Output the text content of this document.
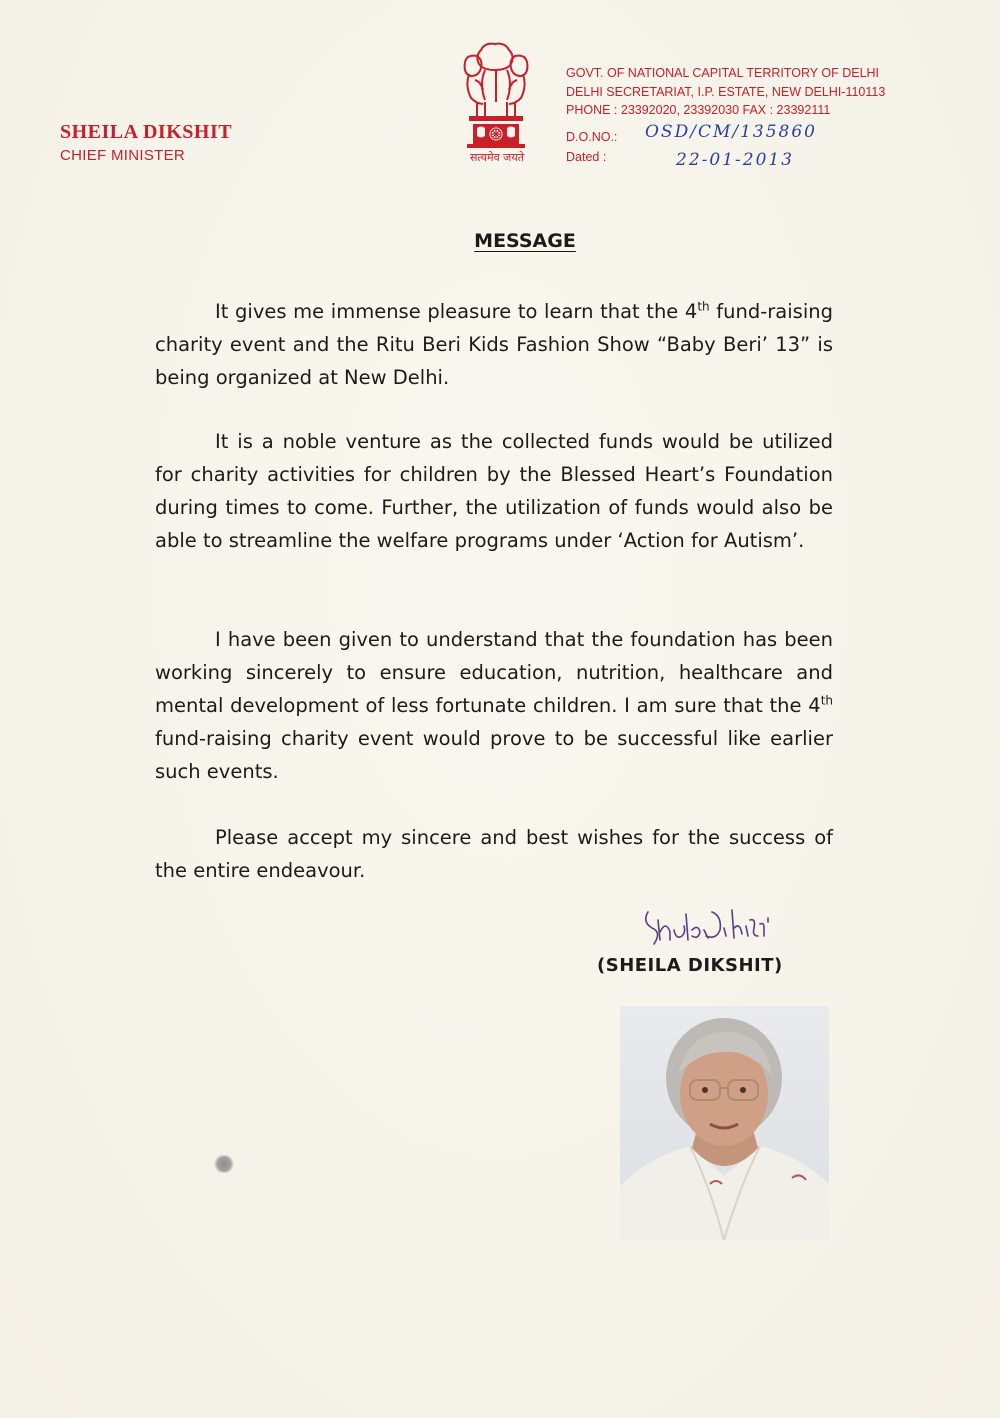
SHEILA DIKSHIT
CHIEF MINISTER	सत्यमेव जयते
GOVT. OF NATIONAL CAPITAL TERRITORY OF DELHI
DELHI SECRETARIAT, I.P. ESTATE, NEW DELHI-110113
PHONE : 23392020, 23392030 FAX : 23392111
D.O.NO.: OSD/CM/135860
Dated :	22-01-2013
MESSAGE

It gives me immense pleasure to learn that the 4th fund-raising charity event and the Ritu Beri Kids Fashion Show “Baby Beri’ 13” is being organized at New Delhi.

It is a noble venture as the collected funds would be utilized for charity activities for children by the Blessed Heart’s Foundation during times to come. Further, the utilization of funds would also be able to streamline the welfare programs under ‘Action for Autism’.

I have been given to understand that the foundation has been working sincerely to ensure education, nutrition, healthcare and mental development of less fortunate children. I am sure that the 4th fund-raising charity event would prove to be successful like earlier such events.

Please accept my sincere and best wishes for the success of the entire endeavour.

(SHEILA DIKSHIT)
